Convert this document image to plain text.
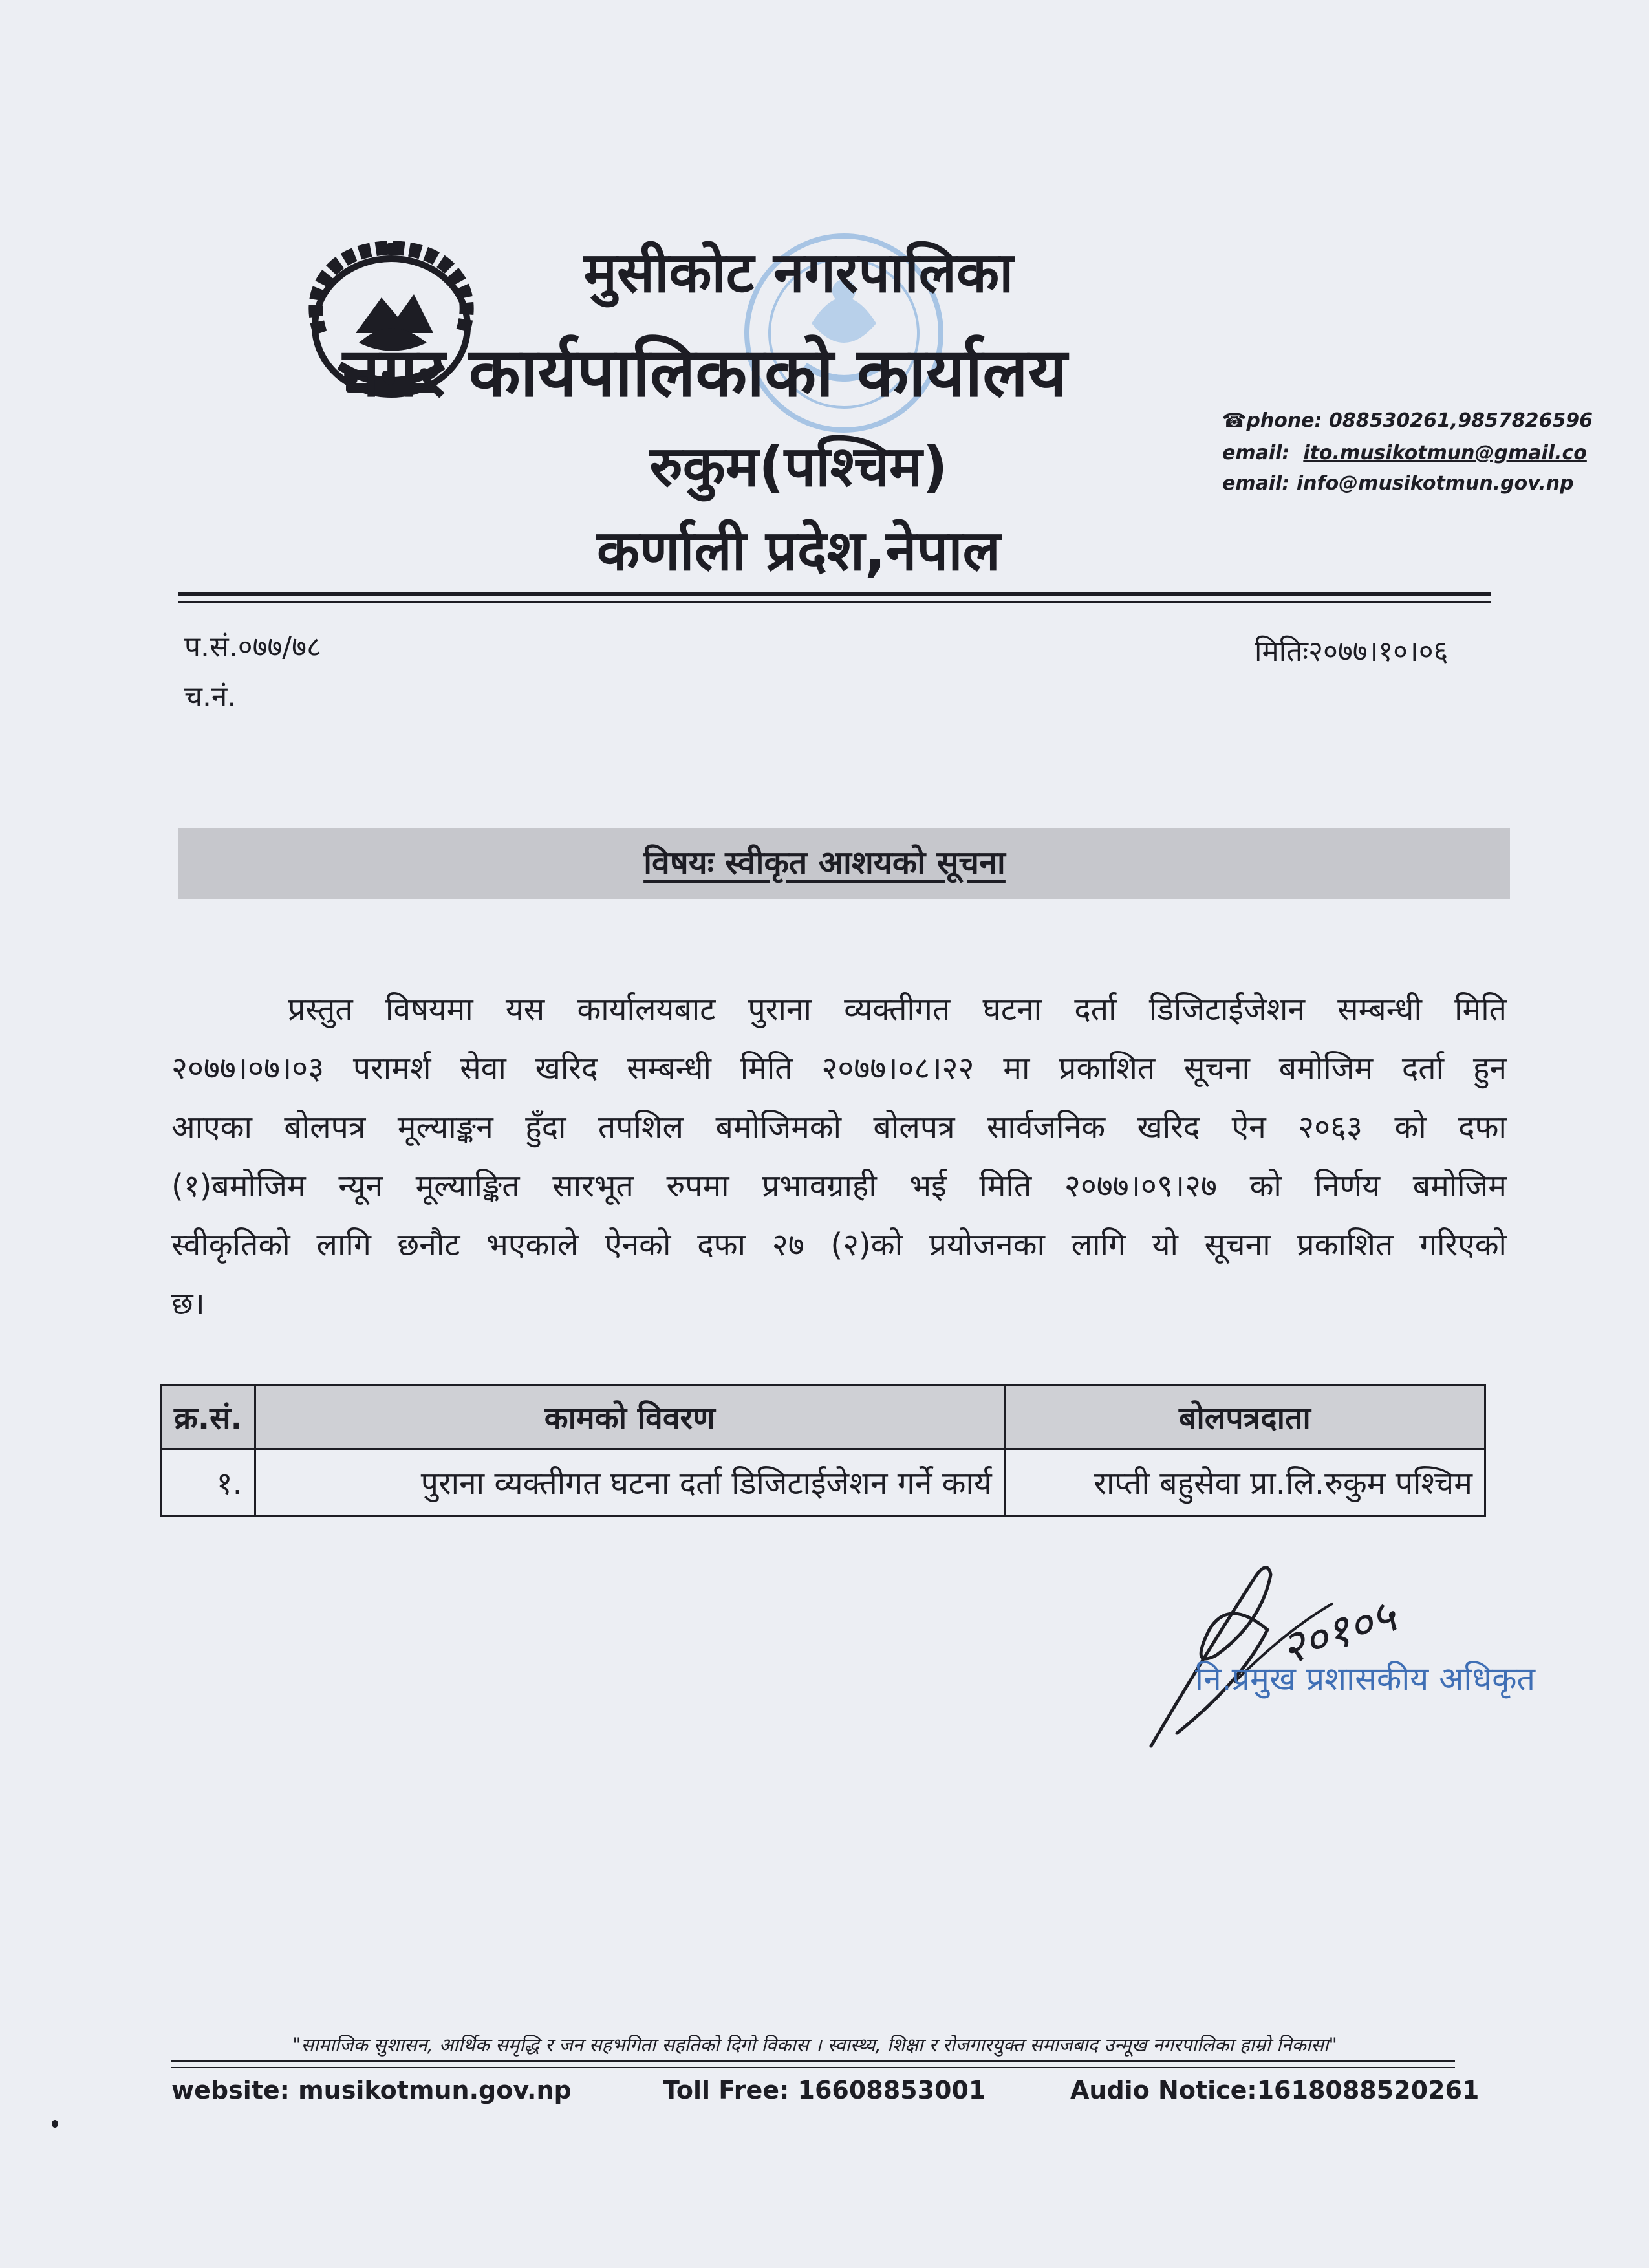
मुसीकोट नगरपालिका
नगर कार्यपालिकाको कार्यालय
रुकुम(पश्चिम)
कर्णाली प्रदेश,नेपाल
☎phone: 088530261,9857826596
email: ito.musikotmun@gmail.co
email: info@musikotmun.gov.np
प.सं.०७७/७८
च.नं.
मितिः२०७७।१०।०६
विषयः स्वीकृत आशयको सूचना
प्रस्तुत विषयमा यस कार्यालयबाट पुराना व्यक्तीगत घटना दर्ता डिजिटाईजेशन सम्बन्धी मिति
२०७७।०७।०३ परामर्श सेवा खरिद सम्बन्धी मिति २०७७।०८।२२ मा प्रकाशित सूचना बमोजिम दर्ता हुन
आएका बोलपत्र मूल्याङ्कन हुँदा तपशिल बमोजिमको बोलपत्र सार्वजनिक खरिद ऐन २०६३ को दफा
(१)बमोजिम न्यून मूल्याङ्कित सारभूत रुपमा प्रभावग्राही भई मिति २०७७।०९।२७ को निर्णय बमोजिम
स्वीकृतिको लागि छनौट भएकाले ऐनको दफा २७ (२)को प्रयोजनका लागि यो सूचना प्रकाशित गरिएको
छ।
क्र.सं.	कामको विवरण	बोलपत्रदाता
१.	पुराना व्यक्तीगत घटना दर्ता डिजिटाईजेशन गर्ने कार्य	राप्ती बहुसेवा प्रा.लि.रुकुम पश्चिम
२०१०५
नि.प्रमुख प्रशासकीय अधिकृत
"सामाजिक सुशासन, आर्थिक समृद्धि र जन सहभगिता सहतिको दिगो विकास । स्वास्थ्य, शिक्षा र रोजगारयुक्त समाजबाद उन्मूख नगरपालिका हाम्रो निकासा"
website: musikotmun.gov.np	Toll Free: 16608853001	Audio Notice:1618088520261
